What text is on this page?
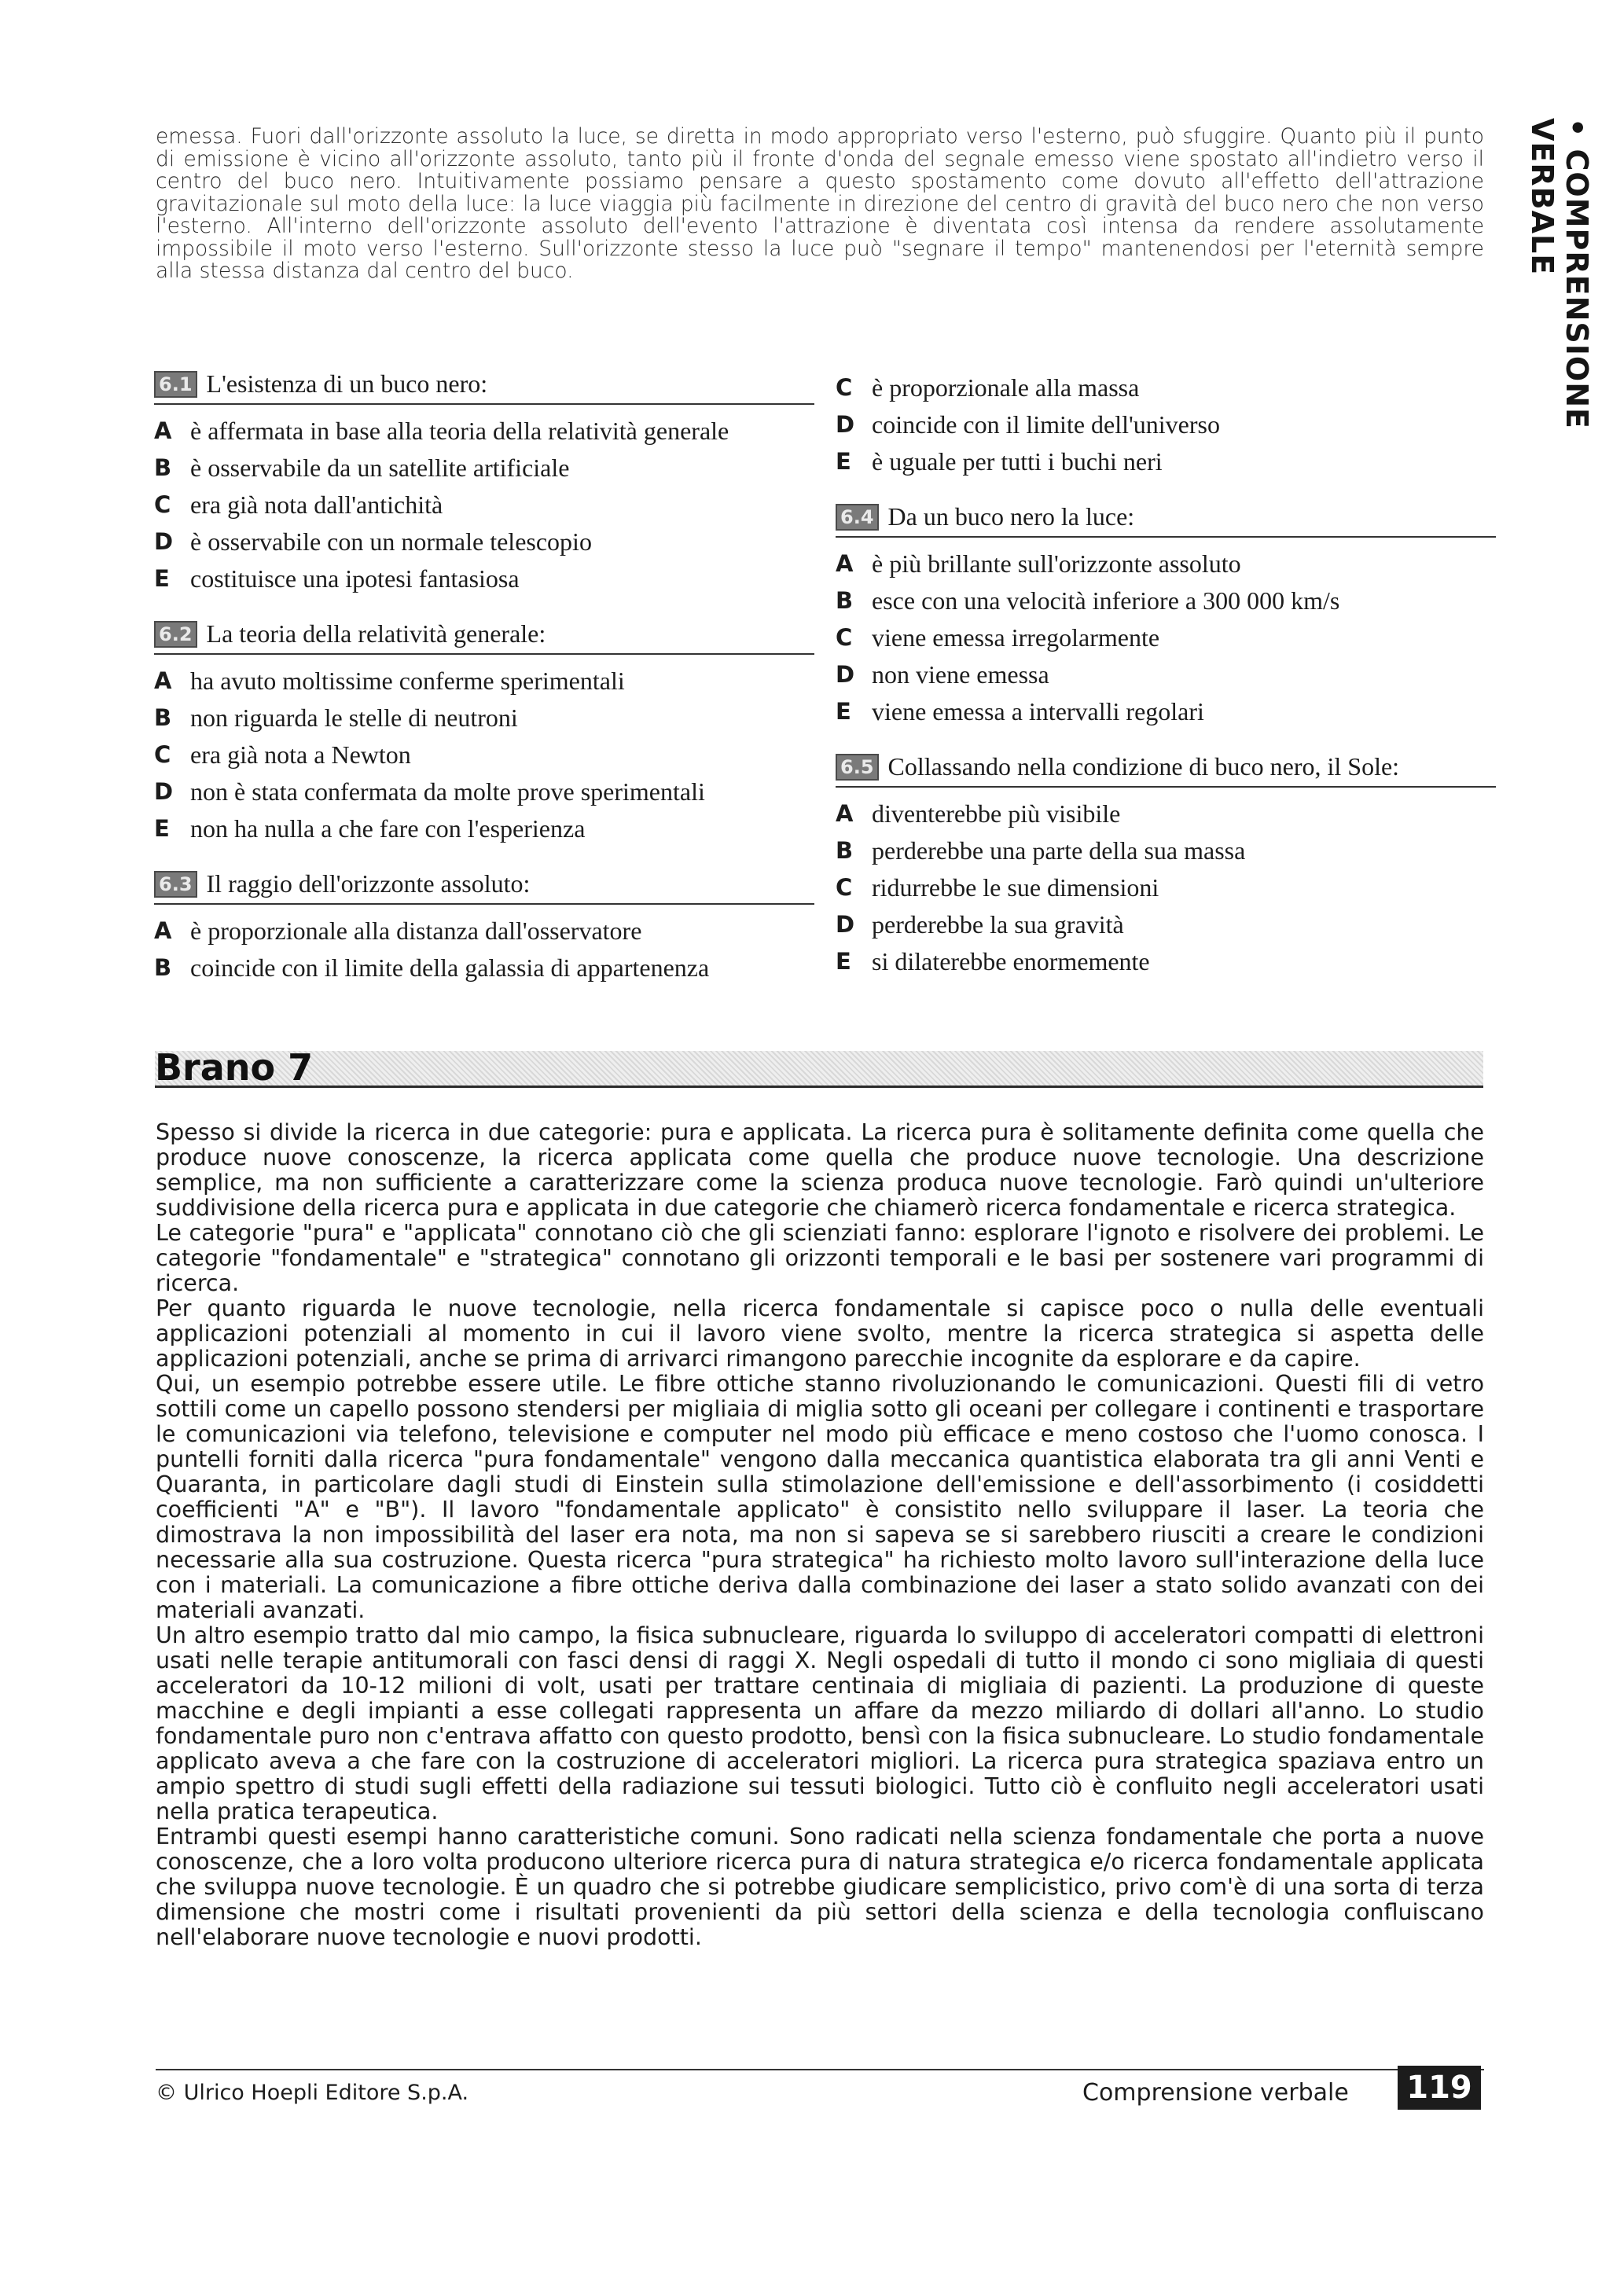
emessa. Fuori dall'orizzonte assoluto la luce, se diretta in modo appropriato verso l'esterno, può sfuggire. Quanto più il punto di emissione è vicino all'orizzonte assoluto, tanto più il fronte d'onda del segnale emesso viene spostato all'indietro verso il centro del buco nero. Intuitivamente possiamo pensare a questo spostamento come dovuto all'effetto dell'attrazione gravitazionale sul moto della luce: la luce viaggia più facilmente in direzione del centro di gravità del buco nero che non verso l'esterno. All'interno dell'orizzonte assoluto dell'evento l'attrazione è diventata così intensa da rendere assolutamente impossibile il moto verso l'esterno. Sull'orizzonte stesso la luce può "segnare il tempo" mantenendosi per l'eternità sempre alla stessa distanza dal centro del buco.	• COMPRENSIONE VERBALE
6.1 L'esistenza di un buco nero:
A è affermata in base alla teoria della relatività generale
B è osservabile da un satellite artificiale
C era già nota dall'antichità
D è osservabile con un normale telescopio
E costituisce una ipotesi fantasiosa
6.2 La teoria della relatività generale:
A ha avuto moltissime conferme sperimentali
B non riguarda le stelle di neutroni
C era già nota a Newton
D non è stata confermata da molte prove sperimentali
E non ha nulla a che fare con l'esperienza
6.3 Il raggio dell'orizzonte assoluto:
A è proporzionale alla distanza dall'osservatore
B coincide con il limite della galassia di appartenenza
C è proporzionale alla massa
D coincide con il limite dell'universo
E è uguale per tutti i buchi neri
6.4 Da un buco nero la luce:
A è più brillante sull'orizzonte assoluto
B esce con una velocità inferiore a 300 000 km/s
C viene emessa irregolarmente
D non viene emessa
E viene emessa a intervalli regolari
6.5 Collassando nella condizione di buco nero, il Sole:
A diventerebbe più visibile
B perderebbe una parte della sua massa
C ridurrebbe le sue dimensioni
D perderebbe la sua gravità
E si dilaterebbe enormemente
Brano 7

Spesso si divide la ricerca in due categorie: pura e applicata. La ricerca pura è solitamente definita come quella che produce nuove conoscenze, la ricerca applicata come quella che produce nuove tecnologie. Una descrizione semplice, ma non sufficiente a caratterizzare come la scienza produca nuove tecnologie. Farò quindi un'ulteriore suddivisione della ricerca pura e applicata in due categorie che chiamerò ricerca fondamentale e ricerca strategica.

Le categorie "pura" e "applicata" connotano ciò che gli scienziati fanno: esplorare l'ignoto e risolvere dei problemi. Le categorie "fondamentale" e "strategica" connotano gli orizzonti temporali e le basi per sostenere vari programmi di ricerca.

Per quanto riguarda le nuove tecnologie, nella ricerca fondamentale si capisce poco o nulla delle eventuali applicazioni potenziali al momento in cui il lavoro viene svolto, mentre la ricerca strategica si aspetta delle applicazioni potenziali, anche se prima di arrivarci rimangono parecchie incognite da esplorare e da capire.

Qui, un esempio potrebbe essere utile. Le fibre ottiche stanno rivoluzionando le comunicazioni. Questi fili di vetro sottili come un capello possono stendersi per migliaia di miglia sotto gli oceani per collegare i continenti e trasportare le comunicazioni via telefono, televisione e computer nel modo più efficace e meno costoso che l'uomo conosca. I puntelli forniti dalla ricerca "pura fondamentale" vengono dalla meccanica quantistica elaborata tra gli anni Venti e Quaranta, in particolare dagli studi di Einstein sulla stimolazione dell'emissione e dell'assorbimento (i cosiddetti coefficienti "A" e "B"). Il lavoro "fondamentale applicato" è consistito nello sviluppare il laser. La teoria che dimostrava la non impossibilità del laser era nota, ma non si sapeva se si sarebbero riusciti a creare le condizioni necessarie alla sua costruzione. Questa ricerca "pura strategica" ha richiesto molto lavoro sull'interazione della luce con i materiali. La comunicazione a fibre ottiche deriva dalla combinazione dei laser a stato solido avanzati con dei materiali avanzati.

Un altro esempio tratto dal mio campo, la fisica subnucleare, riguarda lo sviluppo di acceleratori compatti di elettroni usati nelle terapie antitumorali con fasci densi di raggi X. Negli ospedali di tutto il mondo ci sono migliaia di questi acceleratori da 10-12 milioni di volt, usati per trattare centinaia di migliaia di pazienti. La produzione di queste macchine e degli impianti a esse collegati rappresenta un affare da mezzo miliardo di dollari all'anno. Lo studio fondamentale puro non c'entrava affatto con questo prodotto, bensì con la fisica subnucleare. Lo studio fondamentale applicato aveva a che fare con la costruzione di acceleratori migliori. La ricerca pura strategica spaziava entro un ampio spettro di studi sugli effetti della radiazione sui tessuti biologici. Tutto ciò è confluito negli acceleratori usati nella pratica terapeutica.

Entrambi questi esempi hanno caratteristiche comuni. Sono radicati nella scienza fondamentale che porta a nuove conoscenze, che a loro volta producono ulteriore ricerca pura di natura strategica e/o ricerca fondamentale applicata che sviluppa nuove tecnologie. È un quadro che si potrebbe giudicare semplicistico, privo com'è di una sorta di terza dimensione che mostri come i risultati provenienti da più settori della scienza e della tecnologia confluiscano nell'elaborare nuove tecnologie e nuovi prodotti.

© Ulrico Hoepli Editore S.p.A.	Comprensione verbale 119
